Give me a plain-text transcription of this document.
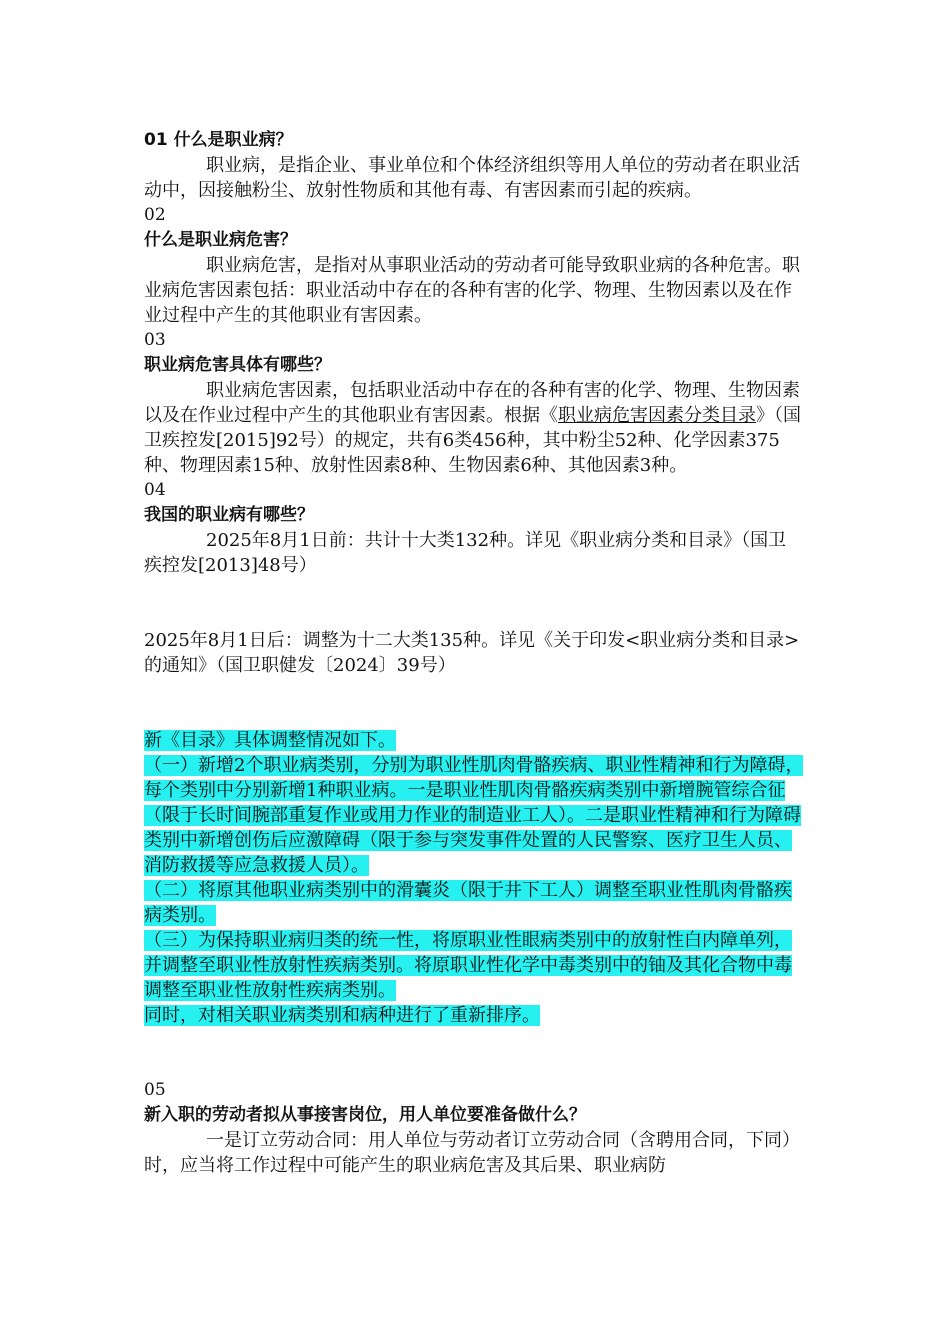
01 什么是职业病？
职业病，是指企业、事业单位和个体经济组织等用人单位的劳动者在职业活动中，因接触粉尘、放射性物质和其他有毒、有害因素而引起的疾病。
02
什么是职业病危害？
职业病危害，是指对从事职业活动的劳动者可能导致职业病的各种危害。职业病危害因素包括：职业活动中存在的各种有害的化学、物理、生物因素以及在作业过程中产生的其他职业有害因素。
03
职业病危害具体有哪些？
职业病危害因素，包括职业活动中存在的各种有害的化学、物理、生物因素以及在作业过程中产生的其他职业有害因素。根据《职业病危害因素分类目录》（国卫疾控发[2015]92号）的规定，共有6类456种，其中粉尘52种、化学因素375种、物理因素15种、放射性因素8种、生物因素6种、其他因素3种。
04
我国的职业病有哪些？
2025年8月1日前：共计十大类132种。详见《职业病分类和目录》（国卫疾控发[2013]48号）
2025年8月1日后：调整为十二大类135种。详见《关于印发<职业病分类和目录>的通知》（国卫职健发〔2024〕39号）
新《目录》具体调整情况如下。
（一）新增2个职业病类别，分别为职业性肌肉骨骼疾病、职业性精神和行为障碍，每个类别中分别新增1种职业病。一是职业性肌肉骨骼疾病类别中新增腕管综合征（限于长时间腕部重复作业或用力作业的制造业工人）。二是职业性精神和行为障碍类别中新增创伤后应激障碍（限于参与突发事件处置的人民警察、医疗卫生人员、消防救援等应急救援人员）。
（二）将原其他职业病类别中的滑囊炎（限于井下工人）调整至职业性肌肉骨骼疾病类别。
（三）为保持职业病归类的统一性，将原职业性眼病类别中的放射性白内障单列，并调整至职业性放射性疾病类别。将原职业性化学中毒类别中的铀及其化合物中毒调整至职业性放射性疾病类别。
同时，对相关职业病类别和病种进行了重新排序。
05
新入职的劳动者拟从事接害岗位，用人单位要准备做什么？
一是订立劳动合同：用人单位与劳动者订立劳动合同（含聘用合同，下同）时，应当将工作过程中可能产生的职业病危害及其后果、职业病防
